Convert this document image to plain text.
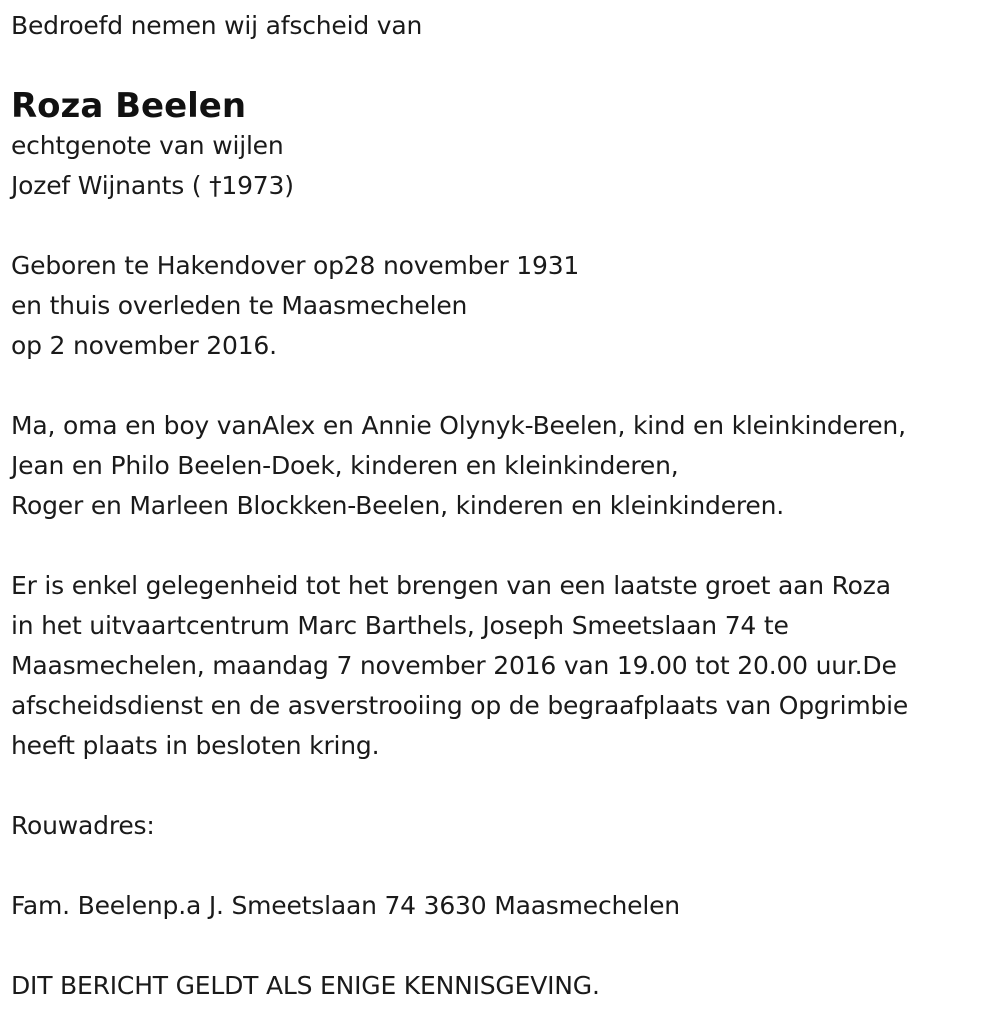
Bedroefd nemen wij afscheid van
Roza Beelen
echtgenote van wijlen
Jozef Wijnants ( †1973)
Geboren te Hakendover op28 november 1931
en thuis overleden te Maasmechelen
op 2 november 2016.
Ma, oma en boy vanAlex en Annie Olynyk-Beelen, kind en kleinkinderen,
Jean en Philo Beelen-Doek, kinderen en kleinkinderen,
Roger en Marleen Blockken-Beelen, kinderen en kleinkinderen.
Er is enkel gelegenheid tot het brengen van een laatste groet aan Roza
in het uitvaartcentrum Marc Barthels, Joseph Smeetslaan 74 te
Maasmechelen, maandag 7 november 2016 van 19.00 tot 20.00 uur.De
afscheidsdienst en de asverstrooiing op de begraafplaats van Opgrimbie
heeft plaats in besloten kring.
Rouwadres:
Fam. Beelenp.a J. Smeetslaan 74 3630 Maasmechelen
DIT BERICHT GELDT ALS ENIGE KENNISGEVING.
